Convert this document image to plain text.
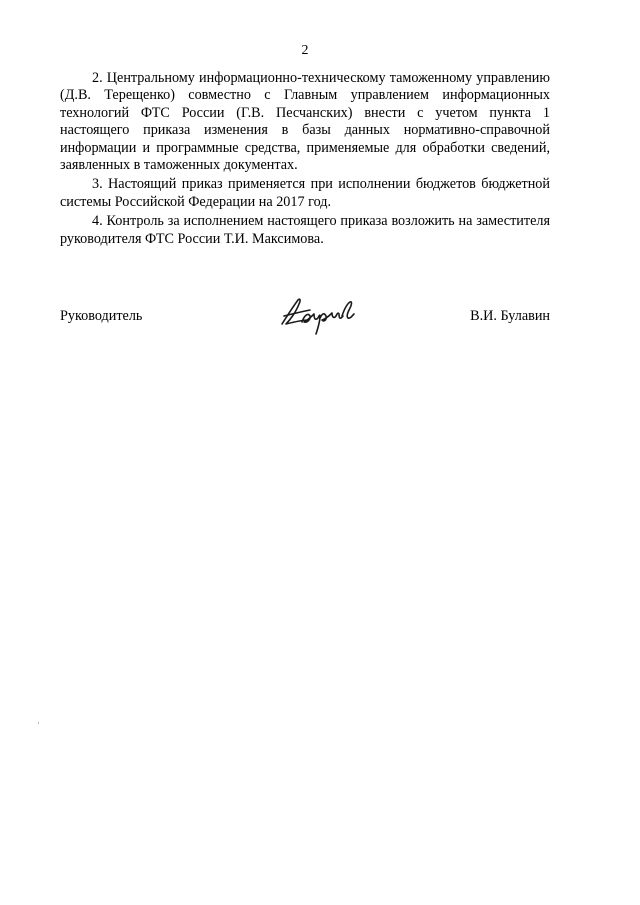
2

2. Центральному информационно-техническому таможенному управлению
(Д.В. Терещенко) совместно с Главным управлением информационных
технологий ФТС России (Г.В. Песчанских) внести с учетом пункта 1
настоящего приказа изменения в базы данных нормативно-справочной
информации и программные средства, применяемые для обработки сведений,
заявленных в таможенных документах.

3. Настоящий приказ применяется при исполнении бюджетов бюджетной
системы Российской Федерации на 2017 год.

4. Контроль за исполнением настоящего приказа возложить на заместителя
руководителя ФТС России Т.И. Максимова.

Руководитель	В.И. Булавин
